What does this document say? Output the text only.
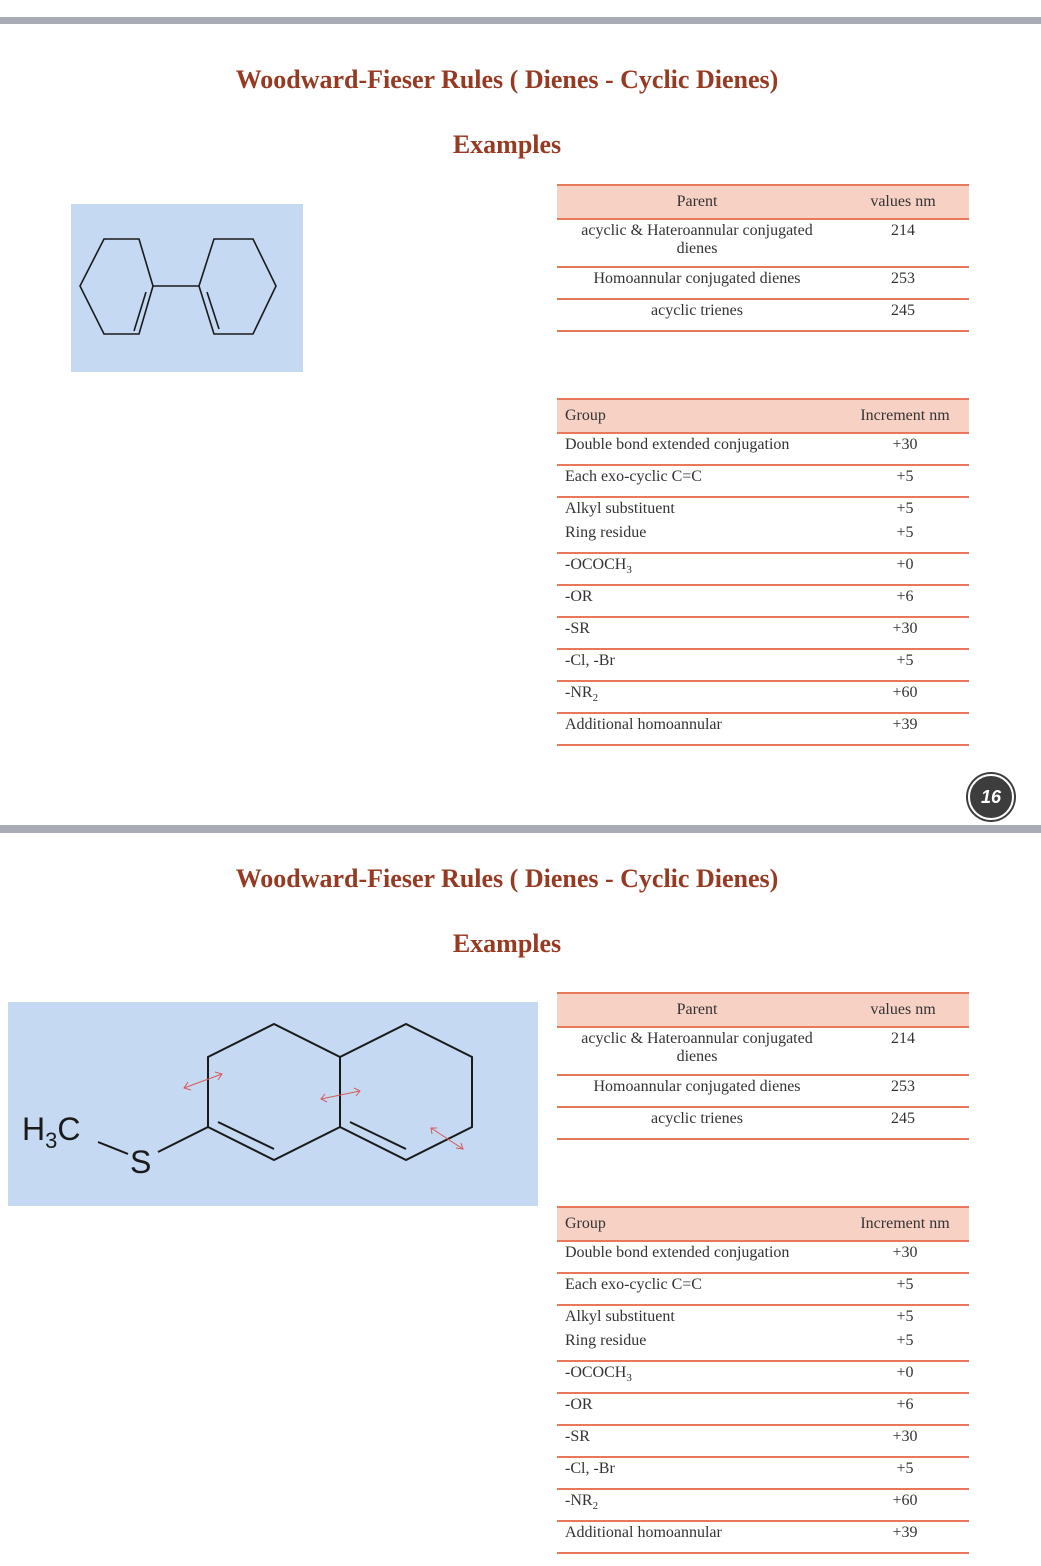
Woodward-Fieser Rules ( Dienes - Cyclic Dienes)
Examples
Parent	values nm
acyclic & Hateroannular conjugated dienes	214
Homoannular conjugated dienes	253
acyclic trienes	245
Group	Increment nm
Double bond extended conjugation	+30
Each exo-cyclic C=C	+5
Alkyl substituent	+5
Ring residue	+5
$-OCOCH_3$	+0
-OR	+6
-SR	+30
-Cl, -Br	+5
$-NR_2$	+60
Additional homoannular	+39
16
Woodward-Fieser Rules ( Dienes - Cyclic Dienes)
Examples
$H_3C$
S
Parent	values nm
acyclic & Hateroannular conjugated dienes	214
Homoannular conjugated dienes	253
acyclic trienes	245
Group	Increment nm
Double bond extended conjugation	+30
Each exo-cyclic C=C	+5
Alkyl substituent	+5
Ring residue	+5
$-OCOCH_3$	+0
-OR	+6
-SR	+30
-Cl, -Br	+5
$-NR_2$	+60
Additional homoannular	+39
